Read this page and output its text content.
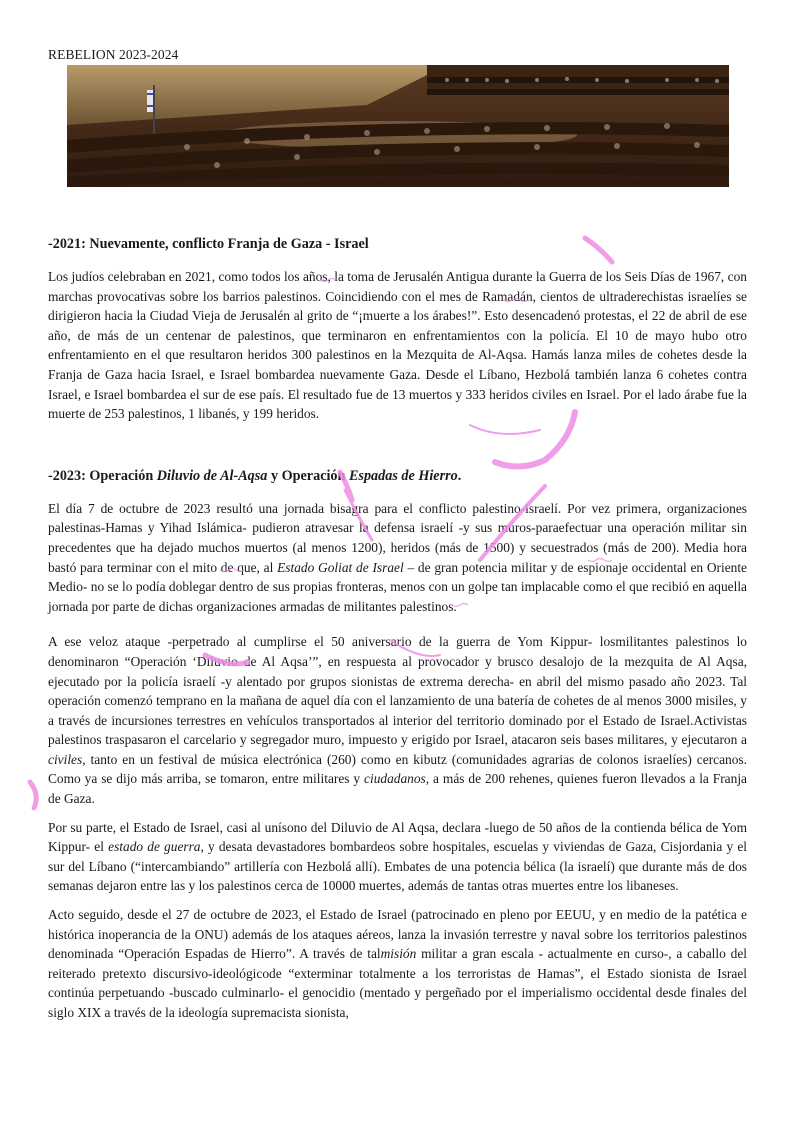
REBELION 2023-2024
-2021: Nuevamente, conflicto Franja de Gaza - Israel

Los judíos celebraban en 2021, como todos los años, la toma de Jerusalén Antigua durante la Guerra de los Seis Días de 1967, con marchas provocativas sobre los barrios palestinos. Coincidiendo con el mes de Ramadán, cientos de ultraderechistas israelíes se dirigieron hacia la Ciudad Vieja de Jerusalén al grito de “¡muerte a los árabes!”. Esto desencadenó protestas, el 22 de abril de ese año, de más de un centenar de palestinos, que terminaron en enfrentamientos con la policía. El 10 de mayo hubo otro enfrentamiento en el que resultaron heridos 300 palestinos en la Mezquita de Al-Aqsa. Hamás lanza miles de cohetes desde la Franja de Gaza hacia Israel, e Israel bombardea nuevamente Gaza. Desde el Líbano, Hezbolá también lanza 6 cohetes contra Israel, e Israel bombardea el sur de ese país. El resultado fue de 13 muertos y 333 heridos civiles en Israel. Por el lado árabe fue la muerte de 253 palestinos, 1 libanés, y 199 heridos.

-2023: Operación Diluvio de Al-Aqsa y Operación Espadas de Hierro.

El día 7 de octubre de 2023 resultó una jornada bisagra para el conflicto palestino-israelí. Por vez primera, organizaciones palestinas-Hamas y Yihad Islámica- pudieron atravesar la defensa israelí -y sus muros-paraefectuar una operación militar sin precedentes que ha dejado muchos muertos (al menos 1200), heridos (más de 1500) y secuestrados (más de 200). Media hora bastó para terminar con el mito de que, al Estado Goliat de Israel – de gran potencia militar y de espionaje occidental en Oriente Medio- no se lo podía doblegar dentro de sus propias fronteras, menos con un golpe tan implacable como el que recibió en aquella jornada por parte de dichas organizaciones armadas de militantes palestinos.

A ese veloz ataque -perpetrado al cumplirse el 50 aniversario de la guerra de Yom Kippur- losmilitantes palestinos lo denominaron “Operación ‘Diluvio de Al Aqsa’”, en respuesta al provocador y brusco desalojo de la mezquita de Al Aqsa, ejecutado por la policía israelí -y alentado por grupos sionistas de extrema derecha- en abril del mismo pasado año 2023. Tal operación comenzó temprano en la mañana de aquel día con el lanzamiento de una batería de cohetes de al menos 3000 misiles, y a través de incursiones terrestres en vehículos transportados al interior del territorio dominado por el Estado de Israel.Activistas palestinos traspasaron el carcelario y segregador muro, impuesto y erigido por Israel, atacaron seis bases militares, y ejecutaron a civiles, tanto en un festival de música electrónica (260) como en kibutz (comunidades agrarias de colonos israelíes) cercanos. Como ya se dijo más arriba, se tomaron, entre militares y ciudadanos, a más de 200 rehenes, quienes fueron llevados a la Franja de Gaza.

Por su parte, el Estado de Israel, casi al unísono del Diluvio de Al Aqsa, declara -luego de 50 años de la contienda bélica de Yom Kippur- el estado de guerra, y desata devastadores bombardeos sobre hospitales, escuelas y viviendas de Gaza, Cisjordania y el sur del Líbano (“intercambiando” artillería con Hezbolá allí). Embates de una potencia bélica (la israelí) que durante más de dos semanas dejaron entre las y los palestinos cerca de 10000 muertes, además de tantas otras muertes entre los libaneses.

Acto seguido, desde el 27 de octubre de 2023, el Estado de Israel (patrocinado en pleno por EEUU, y en medio de la patética e histórica inoperancia de la ONU) además de los ataques aéreos, lanza la invasión terrestre y naval sobre los territorios palestinos denominada “Operación Espadas de Hierro”. A través de talmisión militar a gran escala - actualmente en curso-, a caballo del reiterado pretexto discursivo-ideológicode “exterminar totalmente a los terroristas de Hamas”, el Estado sionista de Israel continúa perpetuando -buscado culminarlo- el genocidio (mentado y pergeñado por el imperialismo occidental desde finales del siglo XIX a través de la ideología supremacista sionista,
